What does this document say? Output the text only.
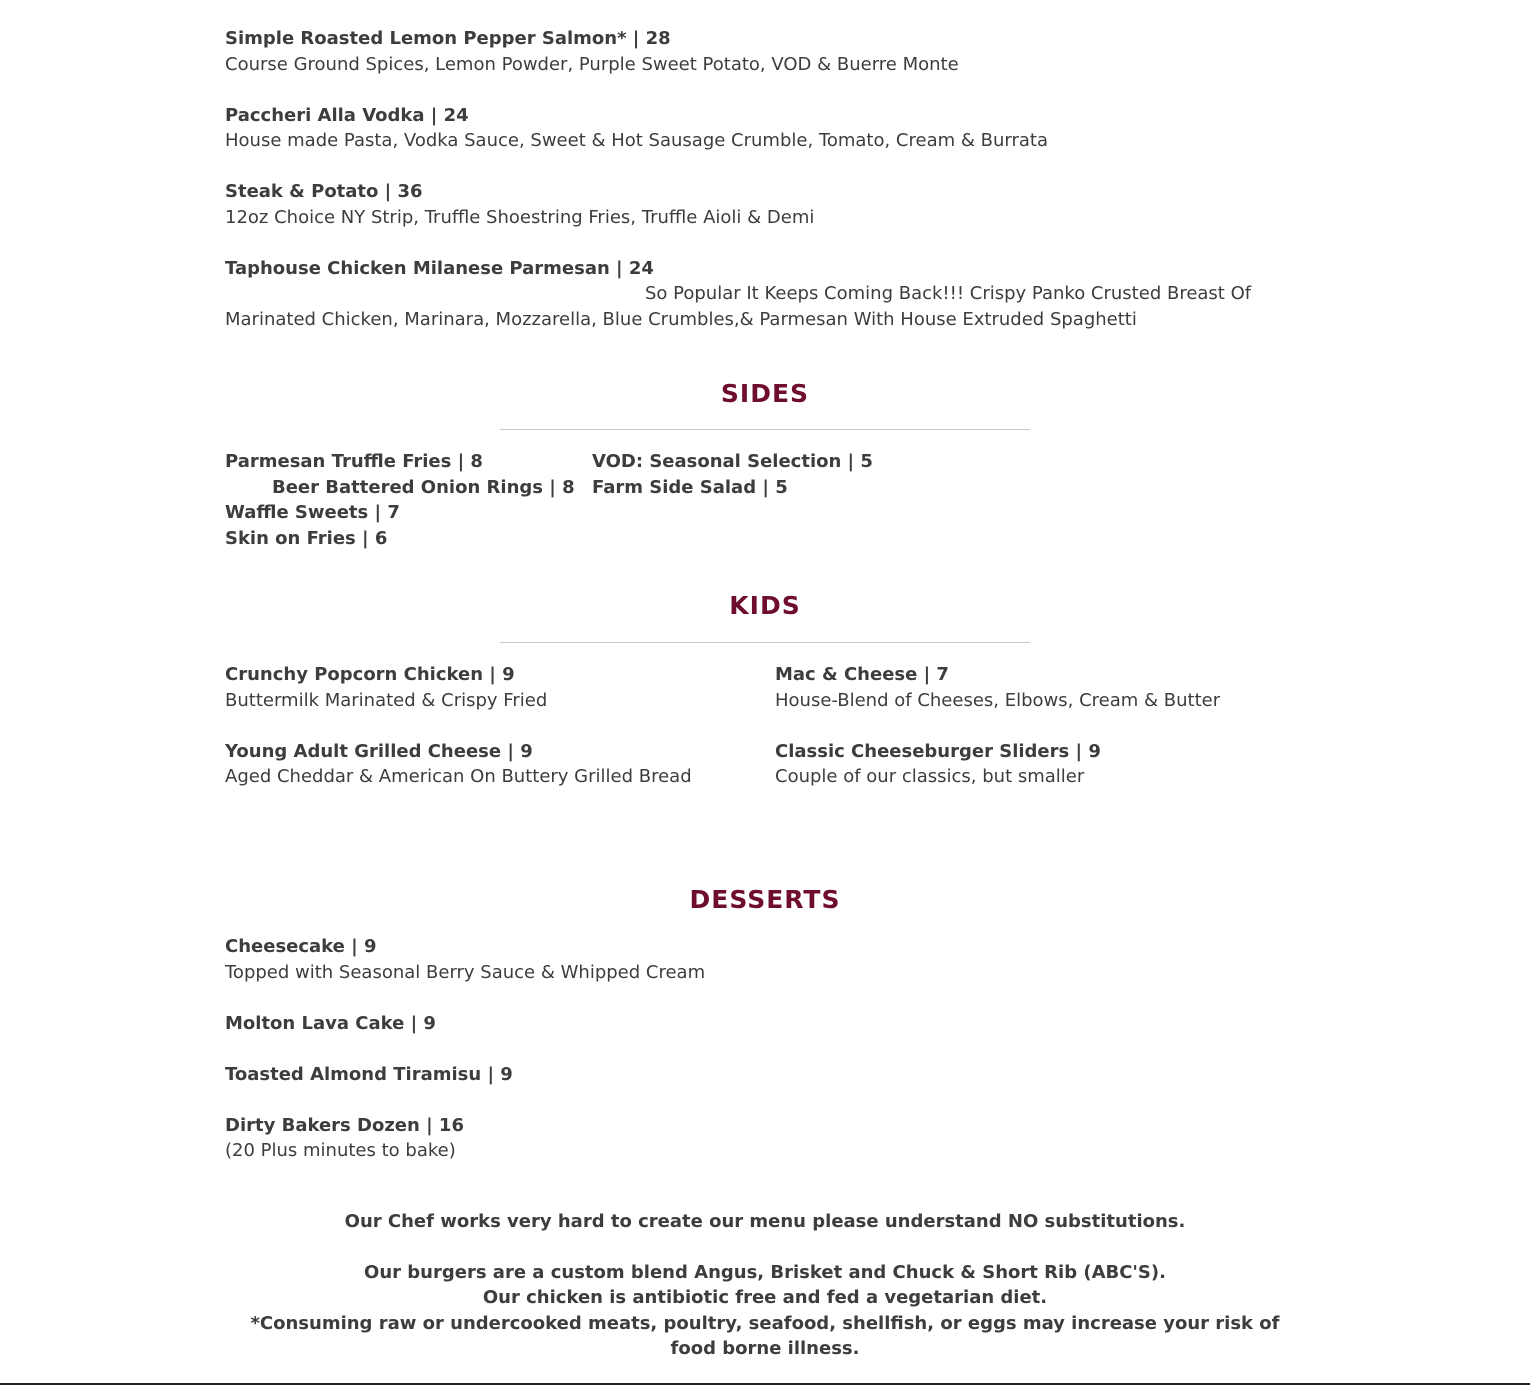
Simple Roasted Lemon Pepper Salmon* | 28
Course Ground Spices, Lemon Powder, Purple Sweet Potato, VOD & Buerre Monte
Paccheri Alla Vodka | 24
House made Pasta, Vodka Sauce, Sweet & Hot Sausage Crumble, Tomato, Cream & Burrata
Steak & Potato | 36
12oz Choice NY Strip, Truffle Shoestring Fries, Truffle Aioli & Demi
Taphouse Chicken Milanese Parmesan | 24
So Popular It Keeps Coming Back!!! Crispy Panko Crusted Breast Of Marinated Chicken, Marinara, Mozzarella, Blue Crumbles,& Parmesan With House Extruded Spaghetti
SIDES
Parmesan Truffle Fries | 8
Beer Battered Onion Rings | 8
Waffle Sweets | 7
Skin on Fries | 6
VOD: Seasonal Selection | 5
Farm Side Salad | 5
KIDS
Crunchy Popcorn Chicken | 9
Buttermilk Marinated & Crispy Fried
Young Adult Grilled Cheese | 9
Aged Cheddar & American On Buttery Grilled Bread
Mac & Cheese | 7
House-Blend of Cheeses, Elbows, Cream & Butter
Classic Cheeseburger Sliders | 9
Couple of our classics, but smaller
DESSERTS
Cheesecake | 9
Topped with Seasonal Berry Sauce & Whipped Cream
Molton Lava Cake | 9
Toasted Almond Tiramisu | 9
Dirty Bakers Dozen | 16
(20 Plus minutes to bake)
Our Chef works very hard to create our menu please understand NO substitutions.
Our burgers are a custom blend Angus, Brisket and Chuck & Short Rib (ABC'S).
Our chicken is antibiotic free and fed a vegetarian diet.
*Consuming raw or undercooked meats, poultry, seafood, shellfish, or eggs may increase your risk of food borne illness.
